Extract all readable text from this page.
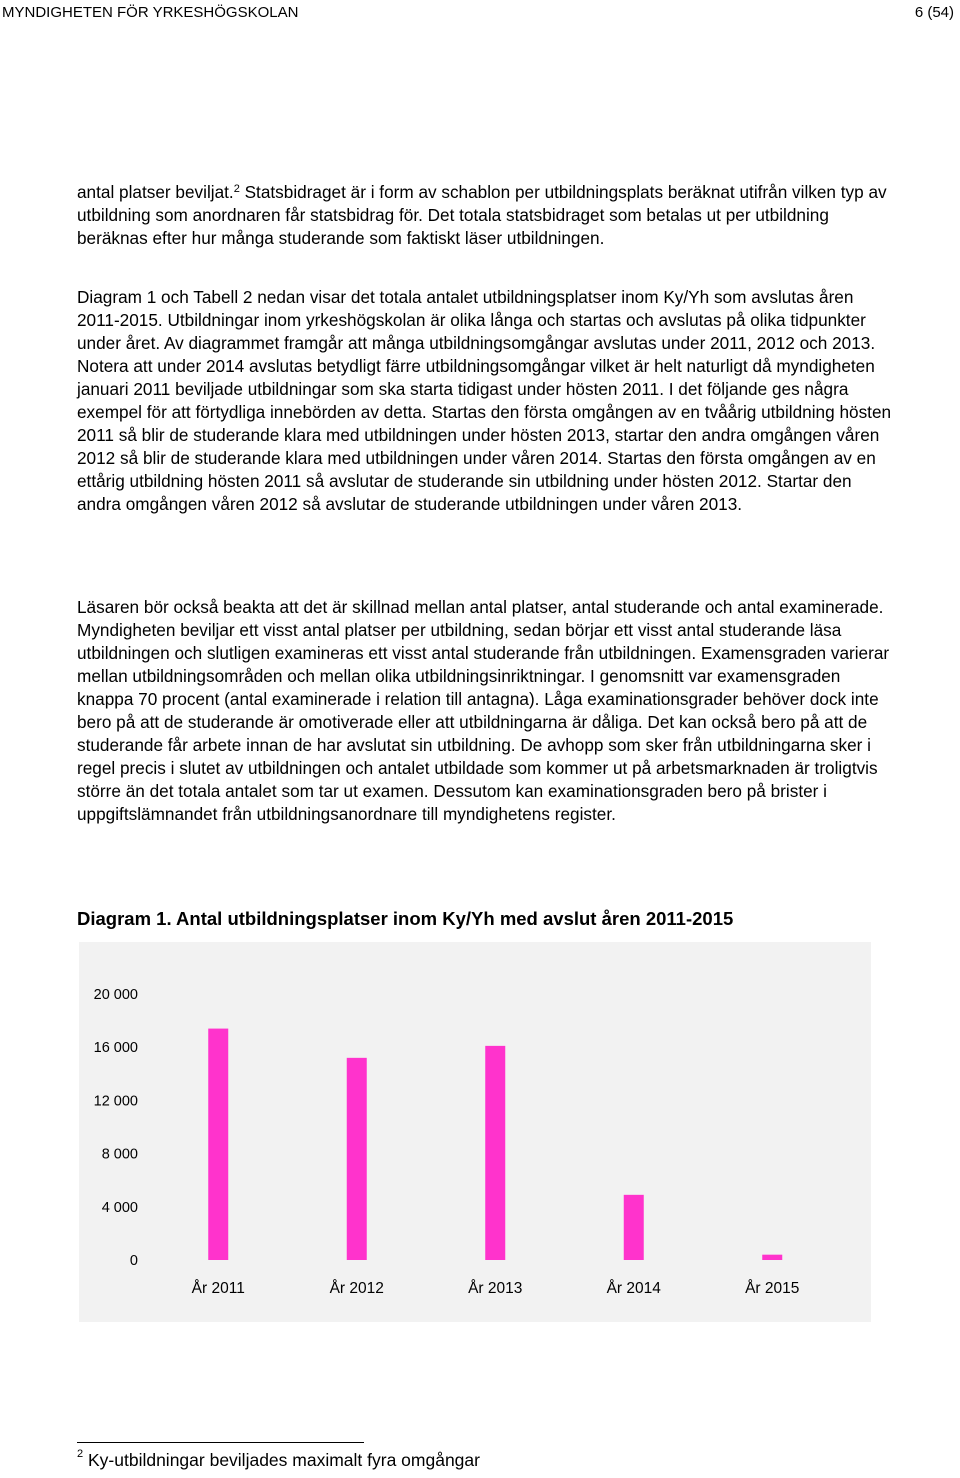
MYNDIGHETEN FÖR YRKESHÖGSKOLAN	6 (54)

antal platser beviljat.$^2$ Statsbidraget är i form av schablon per utbildningsplats beräknat utifrån vilken typ av utbildning som anordnaren får statsbidrag för. Det totala statsbidraget som betalas ut per utbildning beräknas efter hur många studerande som faktiskt läser utbildningen.

Diagram 1 och Tabell 2 nedan visar det totala antalet utbildningsplatser inom Ky/Yh som avslutas åren 2011-2015. Utbildningar inom yrkeshögskolan är olika långa och startas och avslutas på olika tidpunkter under året. Av diagrammet framgår att många utbildningsomgångar avslutas under 2011, 2012 och 2013. Notera att under 2014 avslutas betydligt färre utbildningsomgångar vilket är helt naturligt då myndigheten januari 2011 beviljade utbildningar som ska starta tidigast under hösten 2011. I det följande ges några exempel för att förtydliga innebörden av detta. Startas den första omgången av en tvåårig utbildning hösten 2011 så blir de studerande klara med utbildningen under hösten 2013, startar den andra omgången våren 2012 så blir de studerande klara med utbildningen under våren 2014. Startas den första omgången av en ettårig utbildning hösten 2011 så avslutar de studerande sin utbildning under hösten 2012. Startar den andra omgången våren 2012 så avslutar de studerande utbildningen under våren 2013.

Läsaren bör också beakta att det är skillnad mellan antal platser, antal studerande och antal examinerade. Myndigheten beviljar ett visst antal platser per utbildning, sedan börjar ett visst antal studerande läsa utbildningen och slutligen examineras ett visst antal studerande från utbildningen. Examensgraden varierar mellan utbildningsområden och mellan olika utbildningsinriktningar. I genomsnitt var examensgraden knappa 70 procent (antal examinerade i relation till antagna). Låga examinationsgrader behöver dock inte bero på att de studerande är omotiverade eller att utbildningarna är dåliga. Det kan också bero på att de studerande får arbete innan de har avslutat sin utbildning. De avhopp som sker från utbildningarna sker i regel precis i slutet av utbildningen och antalet utbildade som kommer ut på arbetsmarknaden är troligtvis större än det totala antalet som tar ut examen. Dessutom kan examinationsgraden bero på brister i uppgiftslämnandet från utbildningsanordnare till myndighetens register.

Diagram 1. Antal utbildningsplatser inom Ky/Yh med avslut åren 2011-2015
0
4 000
8 000
12 000
16 000
20 000
År 2011	År 2012	År 2013	År 2014	År 2015
$^2$ Ky-utbildningar beviljades maximalt fyra omgångar
